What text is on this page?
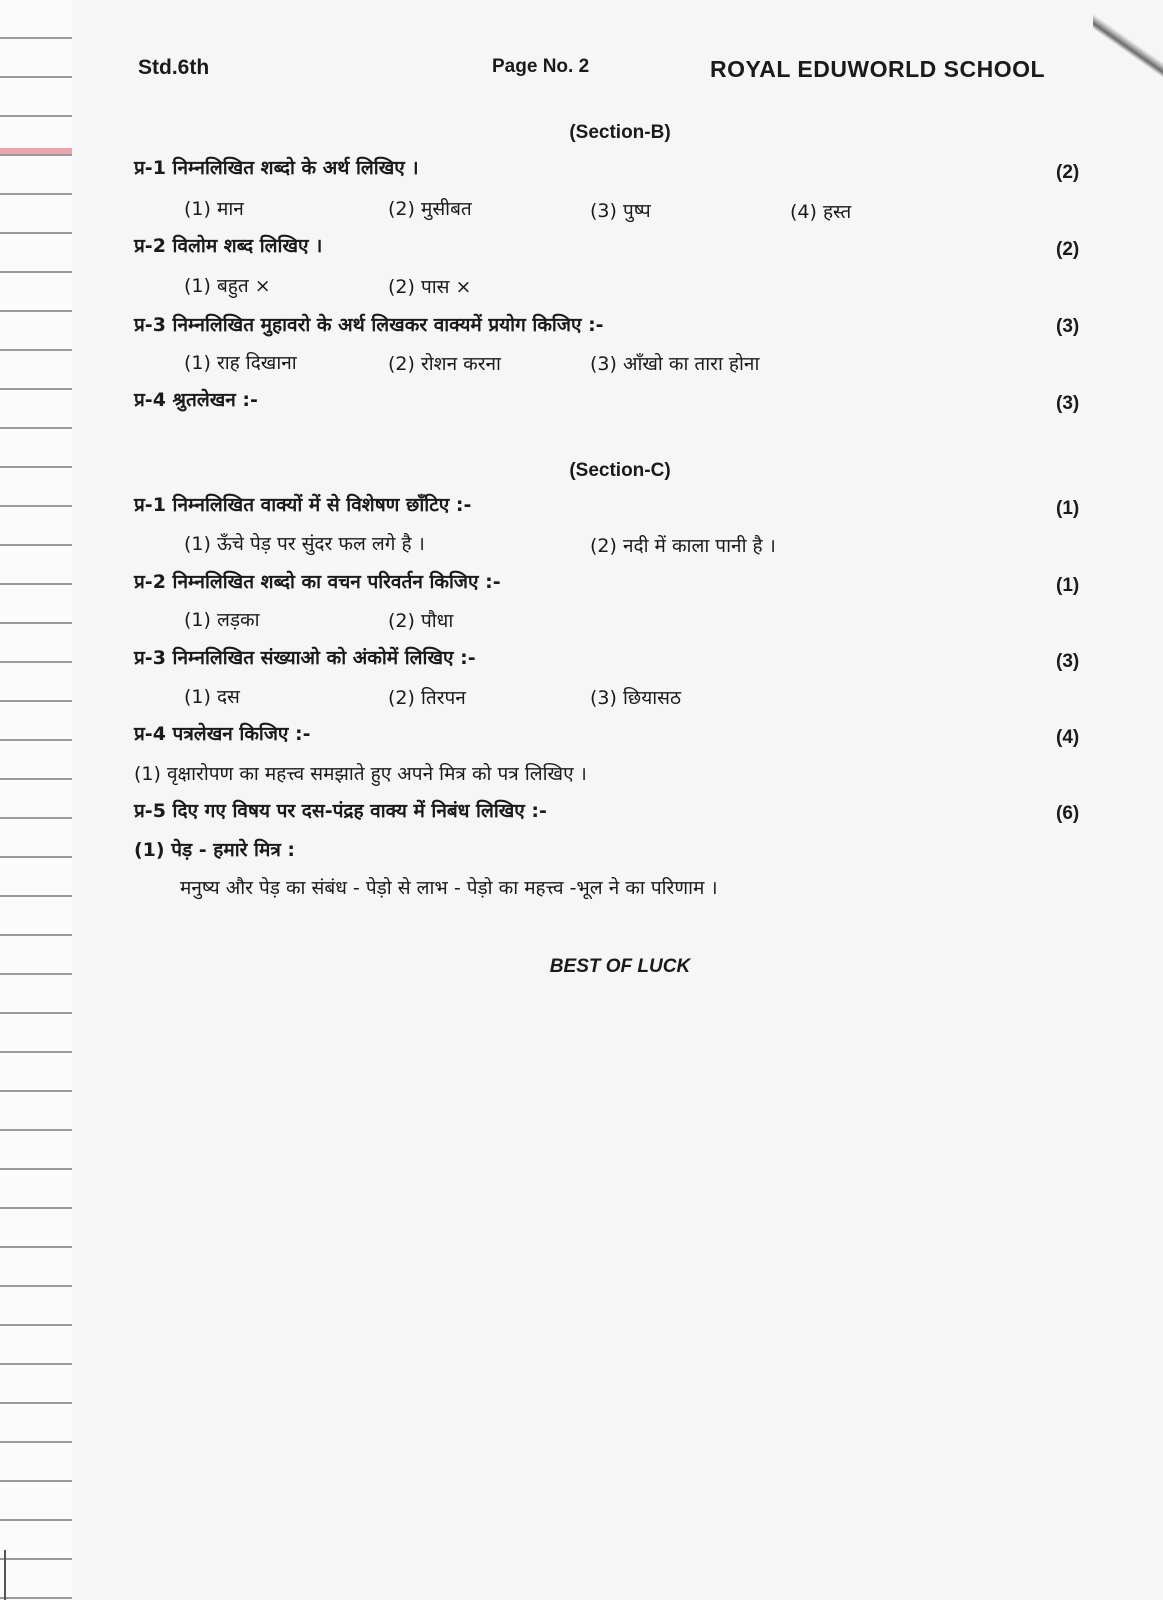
Std.6th	Page No. 2	ROYAL EDUWORLD SCHOOL
(Section-B)
प्र-1 निम्नलिखित शब्दो के अर्थ लिखिए ।	(2)
(1) मान	(2) मुसीबत	(3) पुष्प	(4) हस्त
प्र-2 विलोम शब्द लिखिए ।	(2)
(1) बहुत ×	(2) पास ×
प्र-3 निम्नलिखित मुहावरो के अर्थ लिखकर वाक्यमें प्रयोग किजिए :-	(3)
(1) राह दिखाना	(2) रोशन करना	(3) आँखो का तारा होना
प्र-4 श्रुतलेखन :-	(3)
(Section-C)
प्र-1 निम्नलिखित वाक्यों में से विशेषण छाँटिए :-	(1)
(1) ऊँचे पेड़ पर सुंदर फल लगे है ।	(2) नदी में काला पानी है ।
प्र-2 निम्नलिखित शब्दो का वचन परिवर्तन किजिए :-	(1)
(1) लड़का	(2) पौधा
प्र-3 निम्नलिखित संख्याओ को अंकोमें लिखिए :-	(3)
(1) दस	(2) तिरपन	(3) छियासठ
प्र-4 पत्रलेखन किजिए :-	(4)
(1) वृक्षारोपण का महत्त्व समझाते हुए अपने मित्र को पत्र लिखिए ।
प्र-5 दिए गए विषय पर दस-पंद्रह वाक्य में निबंध लिखिए :-	(6)
(1) पेड़ - हमारे मित्र :
मनुष्य और पेड़ का संबंध - पेड़ो से लाभ - पेड़ो का महत्त्व -भूल ने का परिणाम ।
BEST OF LUCK
